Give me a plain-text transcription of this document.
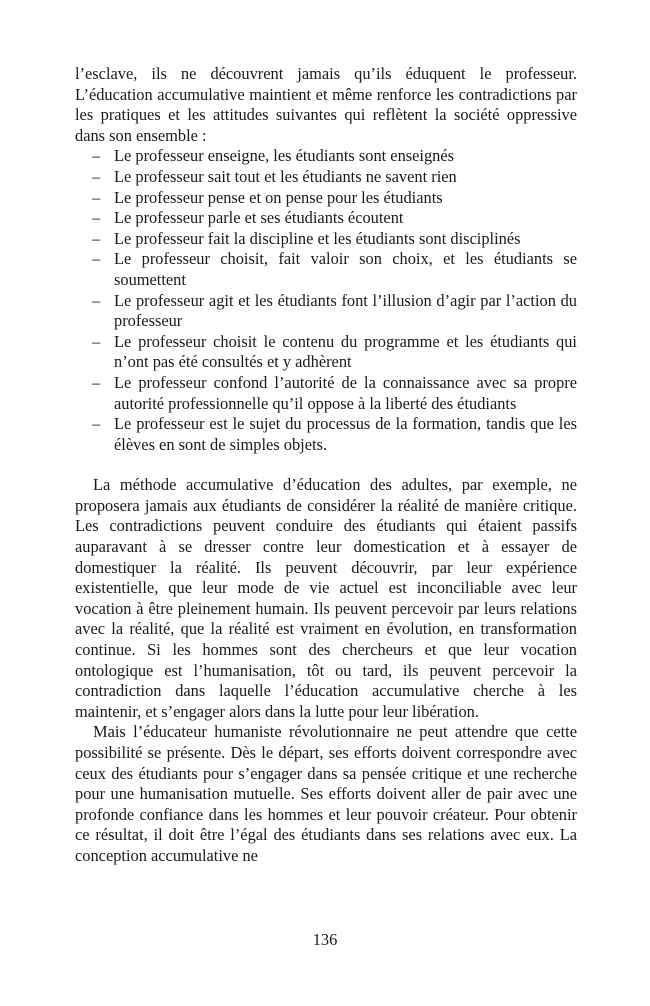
l’esclave, ils ne découvrent jamais qu’ils éduquent le professeur. L’éducation accumulative maintient et même renforce les contradictions par les pratiques et les attitudes suivantes qui reflètent la société oppressive dans son ensemble :

– Le professeur enseigne, les étudiants sont enseignés
– Le professeur sait tout et les étudiants ne savent rien
– Le professeur pense et on pense pour les étudiants
– Le professeur parle et ses étudiants écoutent
– Le professeur fait la discipline et les étudiants sont disciplinés
– Le professeur choisit, fait valoir son choix, et les étudiants se soumettent
– Le professeur agit et les étudiants font l’illusion d’agir par l’action du professeur
– Le professeur choisit le contenu du programme et les étudiants qui n’ont pas été consultés et y adhèrent
– Le professeur confond l’autorité de la connaissance avec sa propre autorité professionnelle qu’il oppose à la liberté des étudiants
– Le professeur est le sujet du processus de la formation, tandis que les élèves en sont de simples objets.

La méthode accumulative d’éducation des adultes, par exemple, ne proposera jamais aux étudiants de considérer la réalité de manière critique. Les contradictions peuvent conduire des étudiants qui étaient passifs auparavant à se dresser contre leur domestication et à essayer de domestiquer la réalité. Ils peuvent découvrir, par leur expérience existentielle, que leur mode de vie actuel est inconciliable avec leur vocation à être pleinement humain. Ils peuvent percevoir par leurs relations avec la réalité, que la réalité est vraiment en évolution, en transformation continue. Si les hommes sont des chercheurs et que leur vocation ontologique est l’humanisation, tôt ou tard, ils peuvent percevoir la contradiction dans laquelle l’éducation accumulative cherche à les maintenir, et s’engager alors dans la lutte pour leur libération.

Mais l’éducateur humaniste révolutionnaire ne peut attendre que cette possibilité se présente. Dès le départ, ses efforts doivent correspondre avec ceux des étudiants pour s’engager dans sa pensée critique et une recherche pour une humanisation mutuelle. Ses efforts doivent aller de pair avec une profonde confiance dans les hommes et leur pouvoir créateur. Pour obtenir ce résultat, il doit être l’égal des étudiants dans ses relations avec eux. La conception accumulative ne

136
